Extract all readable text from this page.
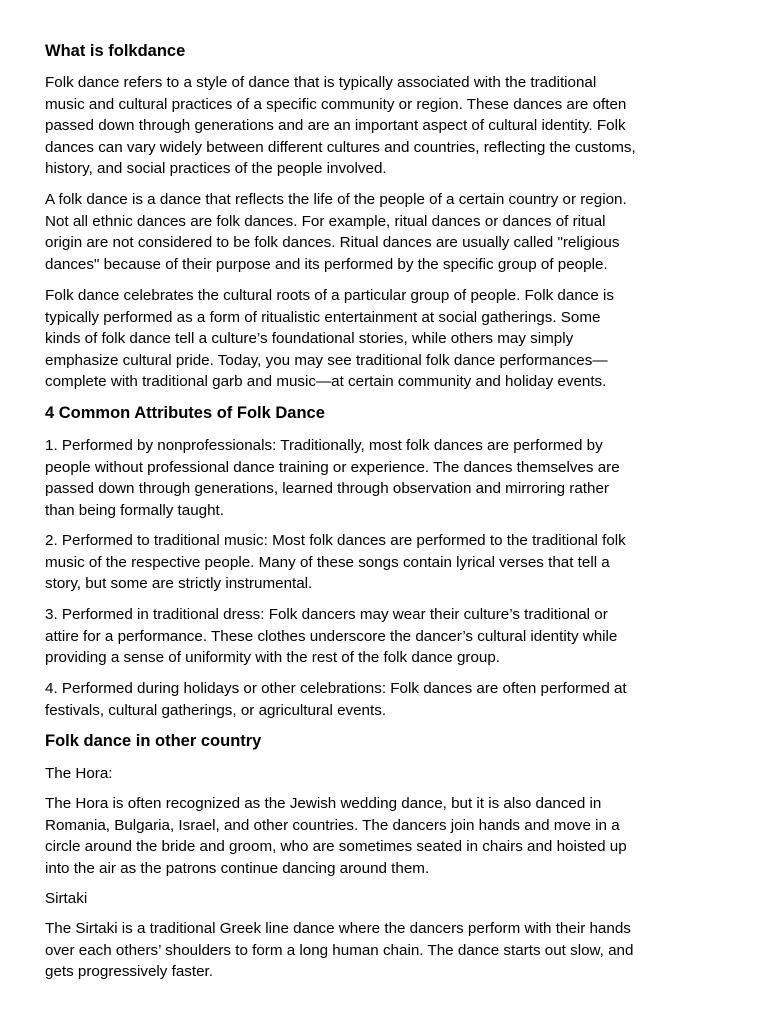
What is folkdance
Folk dance refers to a style of dance that is typically associated with the traditional
music and cultural practices of a specific community or region. These dances are often
passed down through generations and are an important aspect of cultural identity. Folk
dances can vary widely between different cultures and countries, reflecting the customs,
history, and social practices of the people involved.
A folk dance is a dance that reflects the life of the people of a certain country or region.
Not all ethnic dances are folk dances. For example, ritual dances or dances of ritual
origin are not considered to be folk dances. Ritual dances are usually called "religious
dances" because of their purpose and its performed by the specific group of people.
Folk dance celebrates the cultural roots of a particular group of people. Folk dance is
typically performed as a form of ritualistic entertainment at social gatherings. Some
kinds of folk dance tell a culture’s foundational stories, while others may simply
emphasize cultural pride. Today, you may see traditional folk dance performances—
complete with traditional garb and music—at certain community and holiday events.
4 Common Attributes of Folk Dance
1. Performed by nonprofessionals: Traditionally, most folk dances are performed by
people without professional dance training or experience. The dances themselves are
passed down through generations, learned through observation and mirroring rather
than being formally taught.
2. Performed to traditional music: Most folk dances are performed to the traditional folk
music of the respective people. Many of these songs contain lyrical verses that tell a
story, but some are strictly instrumental.
3. Performed in traditional dress: Folk dancers may wear their culture’s traditional or
attire for a performance. These clothes underscore the dancer’s cultural identity while
providing a sense of uniformity with the rest of the folk dance group.
4. Performed during holidays or other celebrations: Folk dances are often performed at
festivals, cultural gatherings, or agricultural events.
Folk dance in other country
The Hora:
The Hora is often recognized as the Jewish wedding dance, but it is also danced in
Romania, Bulgaria, Israel, and other countries. The dancers join hands and move in a
circle around the bride and groom, who are sometimes seated in chairs and hoisted up
into the air as the patrons continue dancing around them.
Sirtaki
The Sirtaki is a traditional Greek line dance where the dancers perform with their hands
over each others’ shoulders to form a long human chain. The dance starts out slow, and
gets progressively faster.
